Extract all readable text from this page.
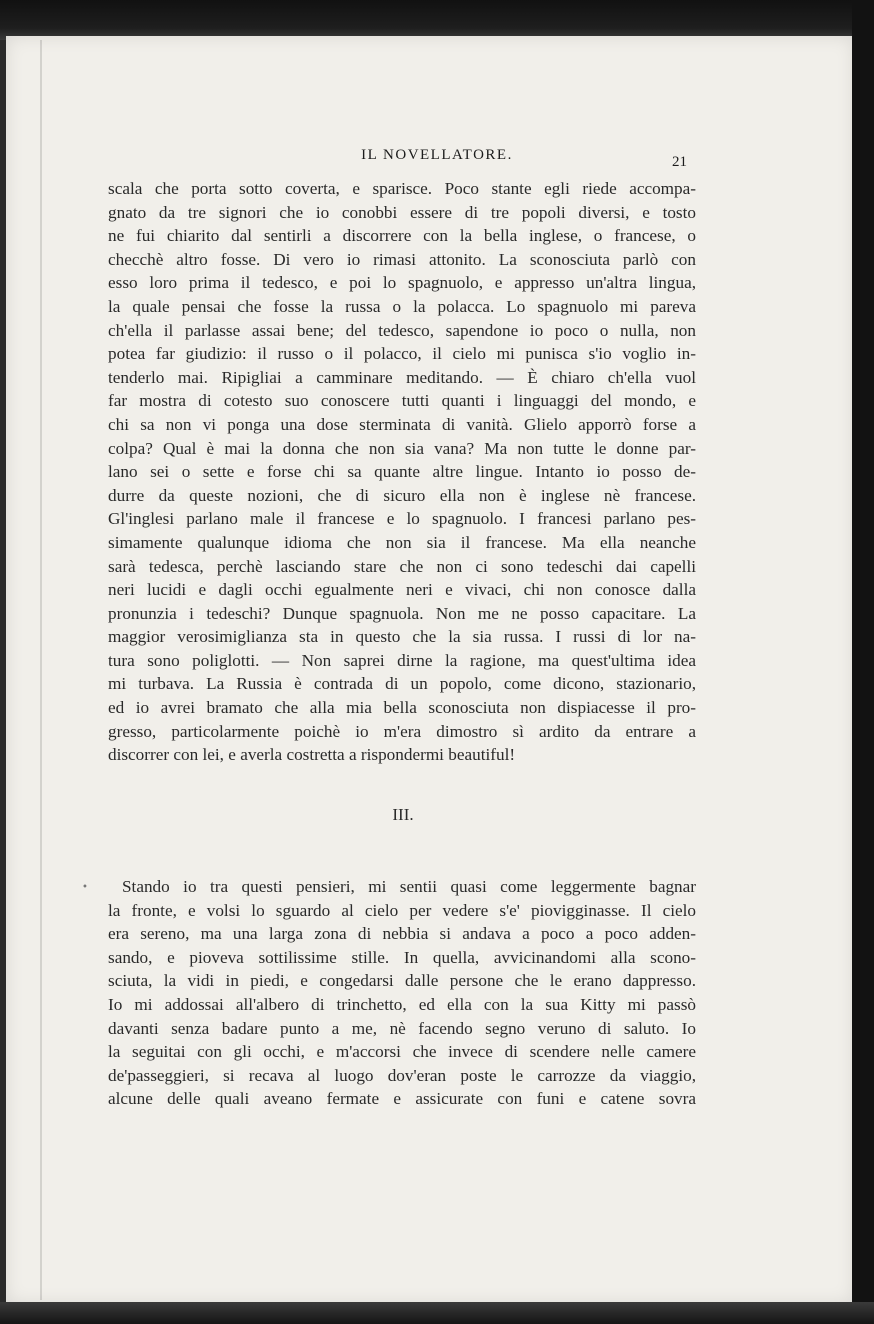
IL NOVELLATORE.	21
scala che porta sotto coverta, e sparisce. Poco stante egli riede accompa-
gnato da tre signori che io conobbi essere di tre popoli diversi, e tosto
ne fui chiarito dal sentirli a discorrere con la bella inglese, o francese, o
checchè altro fosse. Di vero io rimasi attonito. La sconosciuta parlò con
esso loro prima il tedesco, e poi lo spagnuolo, e appresso un'altra lingua,
la quale pensai che fosse la russa o la polacca. Lo spagnuolo mi pareva
ch'ella il parlasse assai bene; del tedesco, sapendone io poco o nulla, non
potea far giudizio: il russo o il polacco, il cielo mi punisca s'io voglio in-
tenderlo mai. Ripigliai a camminare meditando. — È chiaro ch'ella vuol
far mostra di cotesto suo conoscere tutti quanti i linguaggi del mondo, e
chi sa non vi ponga una dose sterminata di vanità. Glielo apporrò forse a
colpa? Qual è mai la donna che non sia vana? Ma non tutte le donne par-
lano sei o sette e forse chi sa quante altre lingue. Intanto io posso de-
durre da queste nozioni, che di sicuro ella non è inglese nè francese.
Gl'inglesi parlano male il francese e lo spagnuolo. I francesi parlano pes-
simamente qualunque idioma che non sia il francese. Ma ella neanche
sarà tedesca, perchè lasciando stare che non ci sono tedeschi dai capelli
neri lucidi e dagli occhi egualmente neri e vivaci, chi non conosce dalla
pronunzia i tedeschi? Dunque spagnuola. Non me ne posso capacitare. La
maggior verosimiglianza sta in questo che la sia russa. I russi di lor na-
tura sono poliglotti. — Non saprei dirne la ragione, ma quest'ultima idea
mi turbava. La Russia è contrada di un popolo, come dicono, stazionario,
ed io avrei bramato che alla mia bella sconosciuta non dispiacesse il pro-
gresso, particolarmente poichè io m'era dimostro sì ardito da entrare a
discorrer con lei, e averla costretta a rispondermi beautiful!
III.
•	Stando io tra questi pensieri, mi sentii quasi come leggermente bagnar
la fronte, e volsi lo sguardo al cielo per vedere s'e' piovigginasse. Il cielo
era sereno, ma una larga zona di nebbia si andava a poco a poco adden-
sando, e pioveva sottilissime stille. In quella, avvicinandomi alla scono-
sciuta, la vidi in piedi, e congedarsi dalle persone che le erano dappresso.
Io mi addossai all'albero di trinchetto, ed ella con la sua Kitty mi passò
davanti senza badare punto a me, nè facendo segno veruno di saluto. Io
la seguitai con gli occhi, e m'accorsi che invece di scendere nelle camere
de'passeggieri, si recava al luogo dov'eran poste le carrozze da viaggio,
alcune delle quali aveano fermate e assicurate con funi e catene sovra
